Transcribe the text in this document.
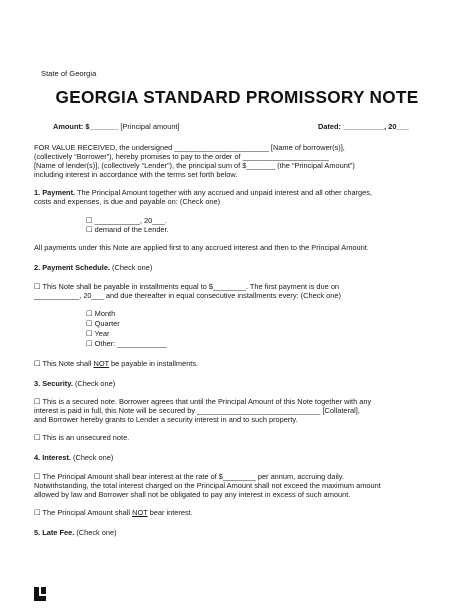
State of Georgia
GEORGIA STANDARD PROMISSORY NOTE
Amount: $_______ [Principal amount]	Dated: __________, 20___
FOR VALUE RECEIVED, the undersigned _______________________ [Name of borrower(s)],
(collectively “Borrower”), hereby promises to pay to the order of _____________________
[Name of lender(s)], (collectively “Lender”), the principal sum of $_______ (the “Principal Amount”)
including interest in accordance with the terms set forth below.
1. Payment. The Principal Amount together with any accrued and unpaid interest and all other charges,
costs and expenses, is due and payable on: (Check one)
☐ ___________, 20___.
☐ demand of the Lender.
All payments under this Note are applied first to any accrued interest and then to the Principal Amount.
2. Payment Schedule. (Check one)
☐ This Note shall be payable in installments equal to $________. The first payment is due on
___________, 20___ and due thereafter in equal consecutive installments every: (Check one)
☐ Month
☐ Quarter
☐ Year
☐ Other: ____________
☐ This Note shall NOT be payable in installments.
3. Security. (Check one)
☐ This is a secured note. Borrower agrees that until the Principal Amount of this Note together with any
interest is paid in full, this Note will be secured by ______________________________ [Collateral],
and Borrower hereby grants to Lender a security interest in and to such property.
☐ This is an unsecured note.
4. Interest. (Check one)
☐ The Principal Amount shall bear interest at the rate of $________ per annum, accruing daily.
Notwithstanding, the total interest charged on the Principal Amount shall not exceed the maximum amount
allowed by law and Borrower shall not be obligated to pay any interest in excess of such amount.
☐ The Principal Amount shall NOT bear interest.
5. Late Fee. (Check one)
